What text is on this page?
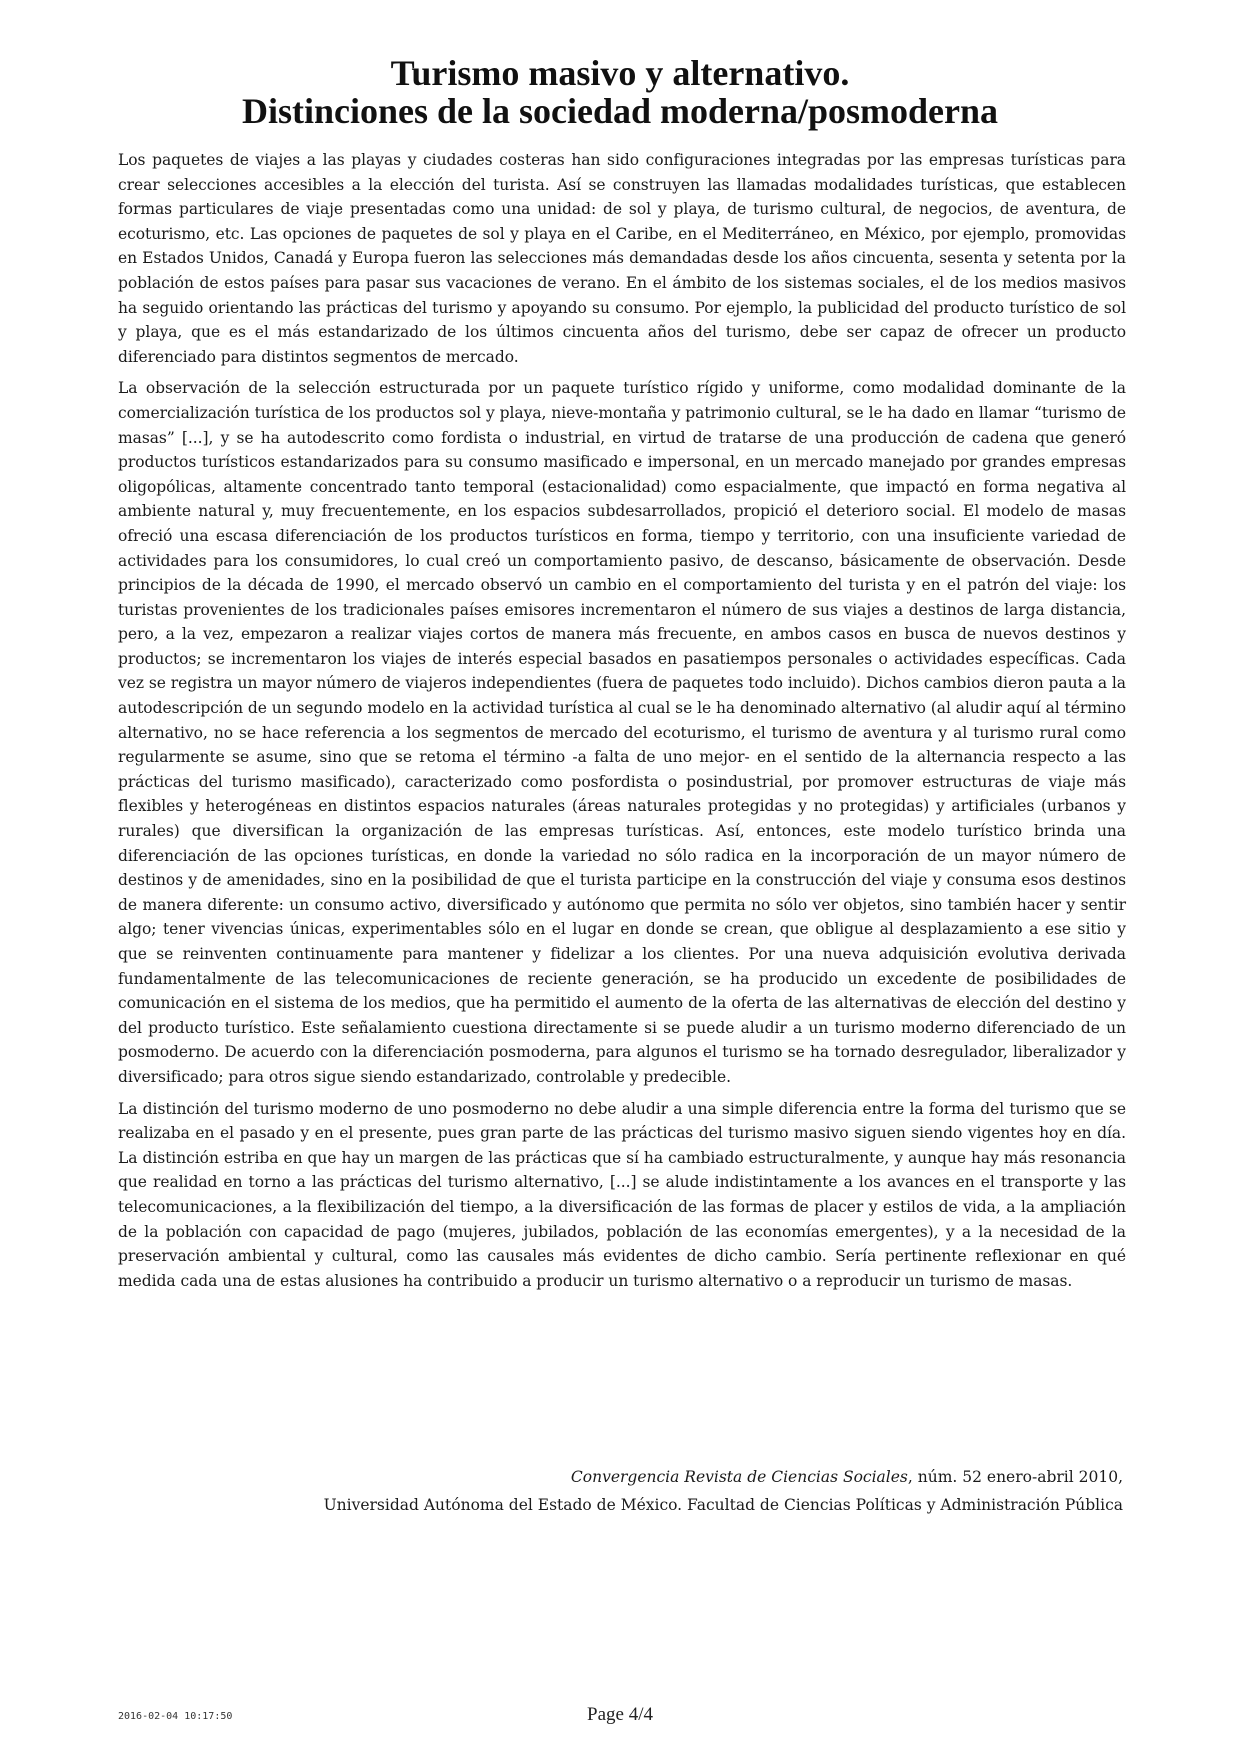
Turismo masivo y alternativo.
Distinciones de la sociedad moderna/posmoderna

Los paquetes de viajes a las playas y ciudades costeras han sido configuraciones integradas por las empresas turísticas para crear selecciones accesibles a la elección del turista. Así se construyen las llamadas modalidades turísticas, que establecen formas particulares de viaje presentadas como una unidad: de sol y playa, de turismo cultural, de negocios, de aventura, de ecoturismo, etc. Las opciones de paquetes de sol y playa en el Caribe, en el Mediterráneo, en México, por ejemplo, promovidas en Estados Unidos, Canadá y Europa fueron las selecciones más demandadas desde los años cincuenta, sesenta y setenta por la población de estos países para pasar sus vacaciones de verano. En el ámbito de los sistemas sociales, el de los medios masivos ha seguido orientando las prácticas del turismo y apoyando su consumo. Por ejemplo, la publicidad del producto turístico de sol y playa, que es el más estandarizado de los últimos cincuenta años del turismo, debe ser capaz de ofrecer un producto diferenciado para distintos segmentos de mercado.

La observación de la selección estructurada por un paquete turístico rígido y uniforme, como modalidad dominante de la comercialización turística de los productos sol y playa, nieve-montaña y patrimonio cultural, se le ha dado en llamar “turismo de masas” [...], y se ha autodescrito como fordista o industrial, en virtud de tratarse de una producción de cadena que generó productos turísticos estandarizados para su consumo masificado e impersonal, en un mercado manejado por grandes empresas oligopólicas, altamente concentrado tanto temporal (estacionalidad) como espacialmente, que impactó en forma negativa al ambiente natural y, muy frecuentemente, en los espacios subdesarrollados, propició el deterioro social. El modelo de masas ofreció una escasa diferenciación de los productos turísticos en forma, tiempo y territorio, con una insuficiente variedad de actividades para los consumidores, lo cual creó un comportamiento pasivo, de descanso, básicamente de observación. Desde principios de la década de 1990, el mercado observó un cambio en el comportamiento del turista y en el patrón del viaje: los turistas provenientes de los tradicionales países emisores incrementaron el número de sus viajes a destinos de larga distancia, pero, a la vez, empezaron a realizar viajes cortos de manera más frecuente, en ambos casos en busca de nuevos destinos y productos; se incrementaron los viajes de interés especial basados en pasatiempos personales o actividades específicas. Cada vez se registra un mayor número de viajeros independientes (fuera de paquetes todo incluido). Dichos cambios dieron pauta a la autodescripción de un segundo modelo en la actividad turística al cual se le ha denominado alternativo (al aludir aquí al término alternativo, no se hace referencia a los segmentos de mercado del ecoturismo, el turismo de aventura y al turismo rural como regularmente se asume, sino que se retoma el término -a falta de uno mejor- en el sentido de la alternancia respecto a las prácticas del turismo masificado), caracterizado como posfordista o posindustrial, por promover estructuras de viaje más flexibles y heterogéneas en distintos espacios naturales (áreas naturales protegidas y no protegidas) y artificiales (urbanos y rurales) que diversifican la organización de las empresas turísticas. Así, entonces, este modelo turístico brinda una diferenciación de las opciones turísticas, en donde la variedad no sólo radica en la incorporación de un mayor número de destinos y de amenidades, sino en la posibilidad de que el turista participe en la construcción del viaje y consuma esos destinos de manera diferente: un consumo activo, diversificado y autónomo que permita no sólo ver objetos, sino también hacer y sentir algo; tener vivencias únicas, experimentables sólo en el lugar en donde se crean, que obligue al desplazamiento a ese sitio y que se reinventen continuamente para mantener y fidelizar a los clientes. Por una nueva adquisición evolutiva derivada fundamentalmente de las telecomunicaciones de reciente generación, se ha producido un excedente de posibilidades de comunicación en el sistema de los medios, que ha permitido el aumento de la oferta de las alternativas de elección del destino y del producto turístico. Este señalamiento cuestiona directamente si se puede aludir a un turismo moderno diferenciado de un posmoderno. De acuerdo con la diferenciación posmoderna, para algunos el turismo se ha tornado desregulador, liberalizador y diversificado; para otros sigue siendo estandarizado, controlable y predecible.

La distinción del turismo moderno de uno posmoderno no debe aludir a una simple diferencia entre la forma del turismo que se realizaba en el pasado y en el presente, pues gran parte de las prácticas del turismo masivo siguen siendo vigentes hoy en día. La distinción estriba en que hay un margen de las prácticas que sí ha cambiado estructuralmente, y aunque hay más resonancia que realidad en torno a las prácticas del turismo alternativo, [...] se alude indistintamente a los avances en el transporte y las telecomunicaciones, a la flexibilización del tiempo, a la diversificación de las formas de placer y estilos de vida, a la ampliación de la población con capacidad de pago (mujeres, jubilados, población de las economías emergentes), y a la necesidad de la preservación ambiental y cultural, como las causales más evidentes de dicho cambio. Sería pertinente reflexionar en qué medida cada una de estas alusiones ha contribuido a producir un turismo alternativo o a reproducir un turismo de masas.

Convergencia Revista de Ciencias Sociales, núm. 52 enero-abril 2010,
Universidad Autónoma del Estado de México. Facultad de Ciencias Políticas y Administración Pública
2016-02-04 10:17:50	Page 4/4
